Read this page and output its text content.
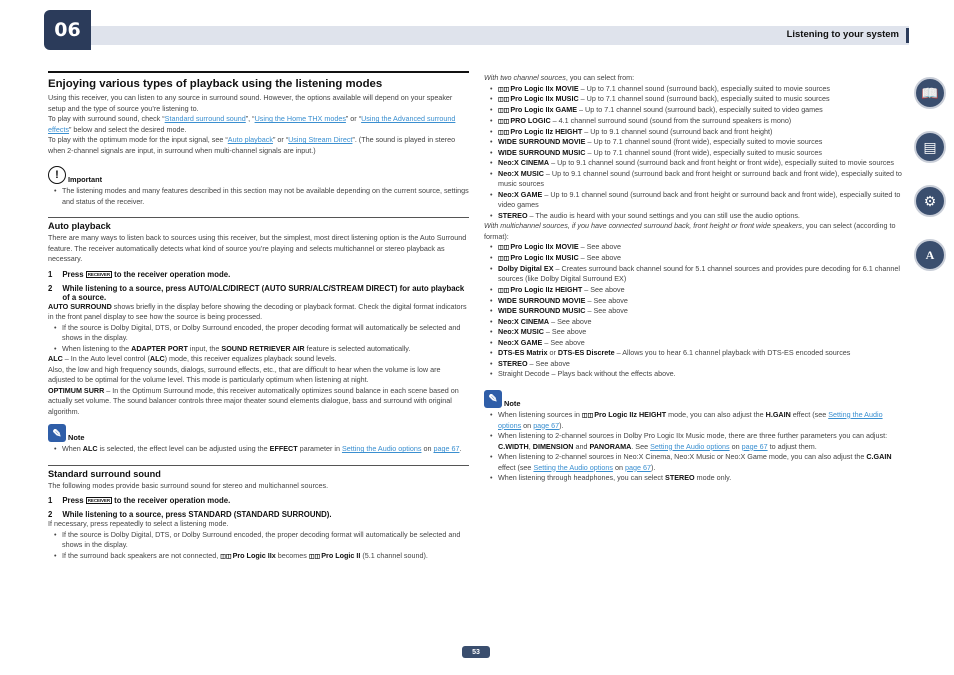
06	Listening to your system
📖
▤
⚙
A
Enjoying various types of playback using the listening modes

Using this receiver, you can listen to any source in surround sound. However, the options available will depend on your speaker setup and the type of source you’re listening to.

To play with surround sound, check “Standard surround sound”, “Using the Home THX modes” or “Using the Advanced surround effects” below and select the desired mode.

To play with the optimum mode for the input signal, see “Auto playback” or “Using Stream Direct”. (The sound is played in stereo when 2-channel signals are input, in surround when multi-channel signals are input.)

!	Important
• The listening modes and many features described in this section may not be available depending on the current source, settings and status of the receiver.
Auto playback

There are many ways to listen back to sources using this receiver, but the simplest, most direct listening option is the Auto Surround feature. The receiver automatically detects what kind of source you’re playing and selects multichannel or stereo playback as necessary.

1 Press RECEIVER to the receiver operation mode.
2 While listening to a source, press AUTO/ALC/DIRECT (AUTO SURR/ALC/STREAM DIRECT) for auto playback of a source.

AUTO SURROUND shows briefly in the display before showing the decoding or playback format. Check the digital format indicators in the front panel display to see how the source is being processed.

• If the source is Dolby Digital, DTS, or Dolby Surround encoded, the proper decoding format will automatically be selected and shows in the display.
• When listening to the ADAPTER PORT input, the SOUND RETRIEVER AIR feature is selected automatically.

ALC – In the Auto level control (ALC) mode, this receiver equalizes playback sound levels.

Also, the low and high frequency sounds, dialogs, surround effects, etc., that are difficult to hear when the volume is low are adjusted to be optimal for the volume level. This mode is particularly optimum when listening at night.

OPTIMUM SURR – In the Optimum Surround mode, this receiver automatically optimizes sound balance in each scene based on actually set volume. The sound balancer controls three major theater sound elements dialogue, bass and surround with original algorithm.

✎ Note
• When ALC is selected, the effect level can be adjusted using the EFFECT parameter in Setting the Audio options on page 67.
Standard surround sound

The following modes provide basic surround sound for stereo and multichannel sources.

1 Press RECEIVER to the receiver operation mode.
2 While listening to a source, press STANDARD (STANDARD SURROUND).

If necessary, press repeatedly to select a listening mode.

• If the source is Dolby Digital, DTS, or Dolby Surround encoded, the proper decoding format will automatically be selected and shows in the display.
• If the surround back speakers are not connected, ◫◫Pro Logic IIx becomes ◫◫Pro Logic II (5.1 channel sound).

With two channel sources, you can select from:

• ◫◫Pro Logic IIx MOVIE – Up to 7.1 channel sound (surround back), especially suited to movie sources
• ◫◫Pro Logic IIx MUSIC – Up to 7.1 channel sound (surround back), especially suited to music sources
• ◫◫Pro Logic IIx GAME – Up to 7.1 channel sound (surround back), especially suited to video games
• ◫◫PRO LOGIC – 4.1 channel surround sound (sound from the surround speakers is mono)
• ◫◫Pro Logic IIz HEIGHT – Up to 9.1 channel sound (surround back and front height)
• WIDE SURROUND MOVIE – Up to 7.1 channel sound (front wide), especially suited to movie sources
• WIDE SURROUND MUSIC – Up to 7.1 channel sound (front wide), especially suited to music sources
• Neo:X CINEMA – Up to 9.1 channel sound (surround back and front height or front wide), especially suited to movie sources
• Neo:X MUSIC – Up to 9.1 channel sound (surround back and front height or surround back and front wide), especially suited to music sources
• Neo:X GAME – Up to 9.1 channel sound (surround back and front height or surround back and front wide), especially suited to video games
• STEREO – The audio is heard with your sound settings and you can still use the audio options.

With multichannel sources, if you have connected surround back, front height or front wide speakers, you can select (according to format):

• ◫◫Pro Logic IIx MOVIE – See above
• ◫◫Pro Logic IIx MUSIC – See above
• Dolby Digital EX – Creates surround back channel sound for 5.1 channel sources and provides pure decoding for 6.1 channel sources (like Dolby Digital Surround EX)
• ◫◫Pro Logic IIz HEIGHT – See above
• WIDE SURROUND MOVIE – See above
• WIDE SURROUND MUSIC – See above
• Neo:X CINEMA – See above
• Neo:X MUSIC – See above
• Neo:X GAME – See above
• DTS-ES Matrix or DTS-ES Discrete – Allows you to hear 6.1 channel playback with DTS-ES encoded sources
• STEREO – See above
• Straight Decode – Plays back without the effects above.
✎ Note
• When listening sources in ◫◫Pro Logic IIz HEIGHT mode, you can also adjust the H.GAIN effect (see Setting the Audio options on page 67).
• When listening to 2-channel sources in Dolby Pro Logic IIx Music mode, there are three further parameters you can adjust: C.WIDTH, DIMENSION and PANORAMA. See Setting the Audio options on page 67 to adjust them.
• When listening to 2-channel sources in Neo:X Cinema, Neo:X Music or Neo:X Game mode, you can also adjust the C.GAIN effect (see Setting the Audio options on page 67).
• When listening through headphones, you can select STEREO mode only.
53
